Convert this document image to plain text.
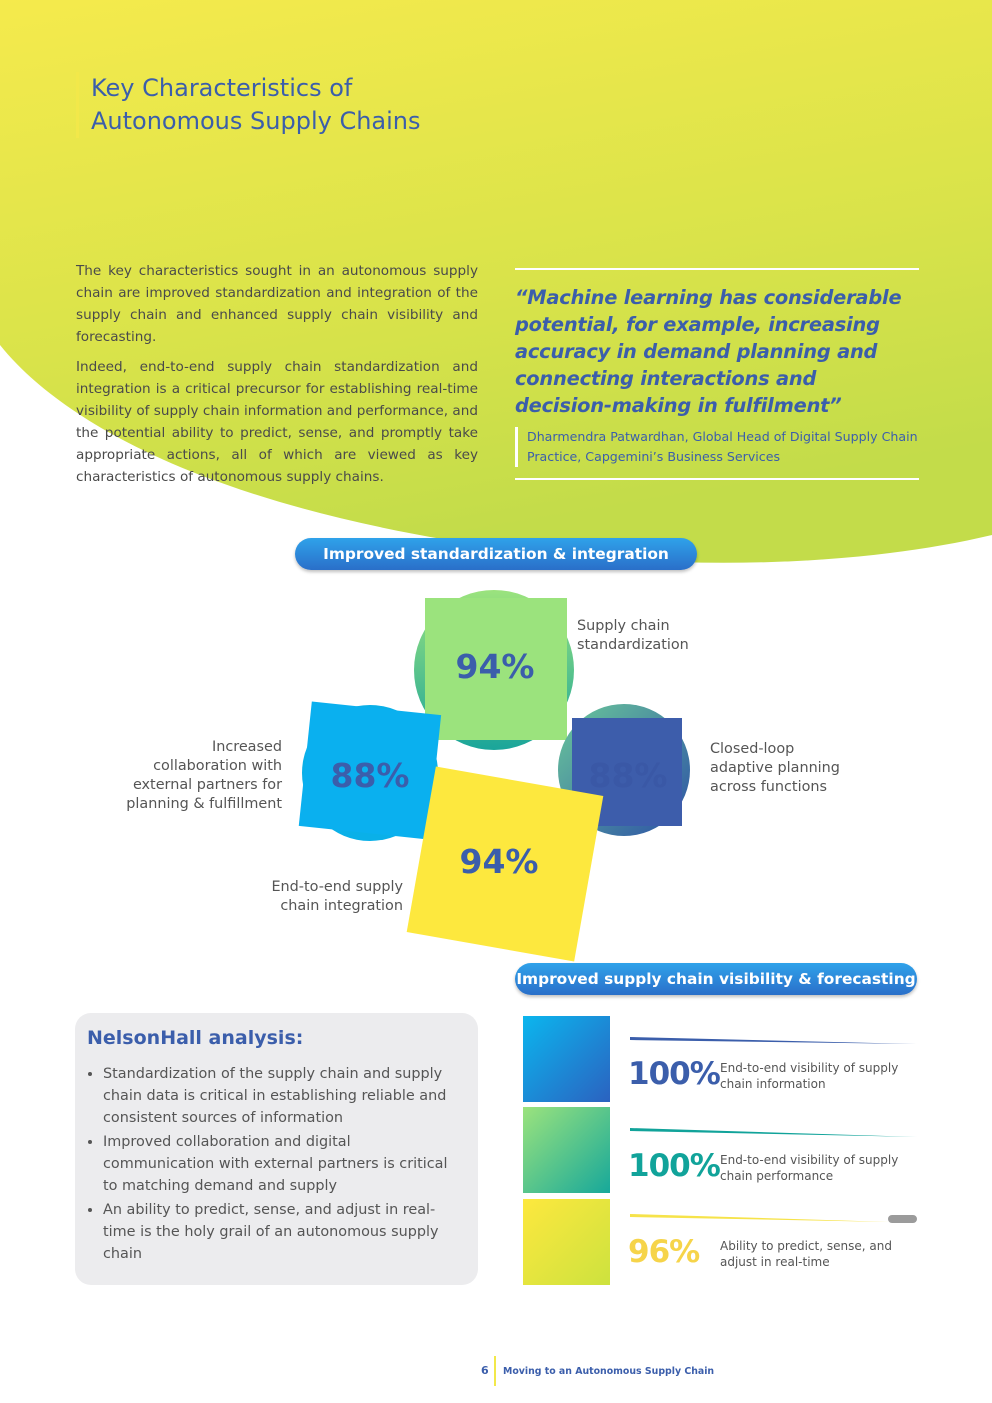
Key Characteristics of
Autonomous Supply Chains

The key characteristics sought in an autonomous supply chain are improved standardization and integration of the supply chain and enhanced supply chain visibility and forecasting.

Indeed, end-to-end supply chain standardization and integration is a critical precursor for establishing real-time visibility of supply chain information and performance, and the potential ability to predict, sense, and promptly take appropriate actions, all of which are viewed as key characteristics of autonomous supply chains.

“Machine learning has considerable potential, for example, increasing accuracy in demand planning and connecting interactions and decision-making in fulfilment”
Dharmendra Patwardhan, Global Head of Digital Supply Chain Practice, Capgemini’s Business Services
Improved standardization & integration
94%
88%	88%
94%
Supply chain
standardization
Increased
collaboration with
external partners for
planning & fulfillment
Closed-loop
adaptive planning
across functions
End-to-end supply
chain integration
Improved supply chain visibility & forecasting
NelsonHall analysis:
• Standardization of the supply chain and supply chain data is critical in establishing reliable and consistent sources of information
• Improved collaboration and digital communication with external partners is critical to matching demand and supply
• An ability to predict, sense, and adjust in real-time is the holy grail of an autonomous supply chain
100%
100%
96%
End-to-end visibility of supply
chain information
End-to-end visibility of supply
chain performance
Ability to predict, sense, and
adjust in real-time
6 Moving to an Autonomous Supply Chain
